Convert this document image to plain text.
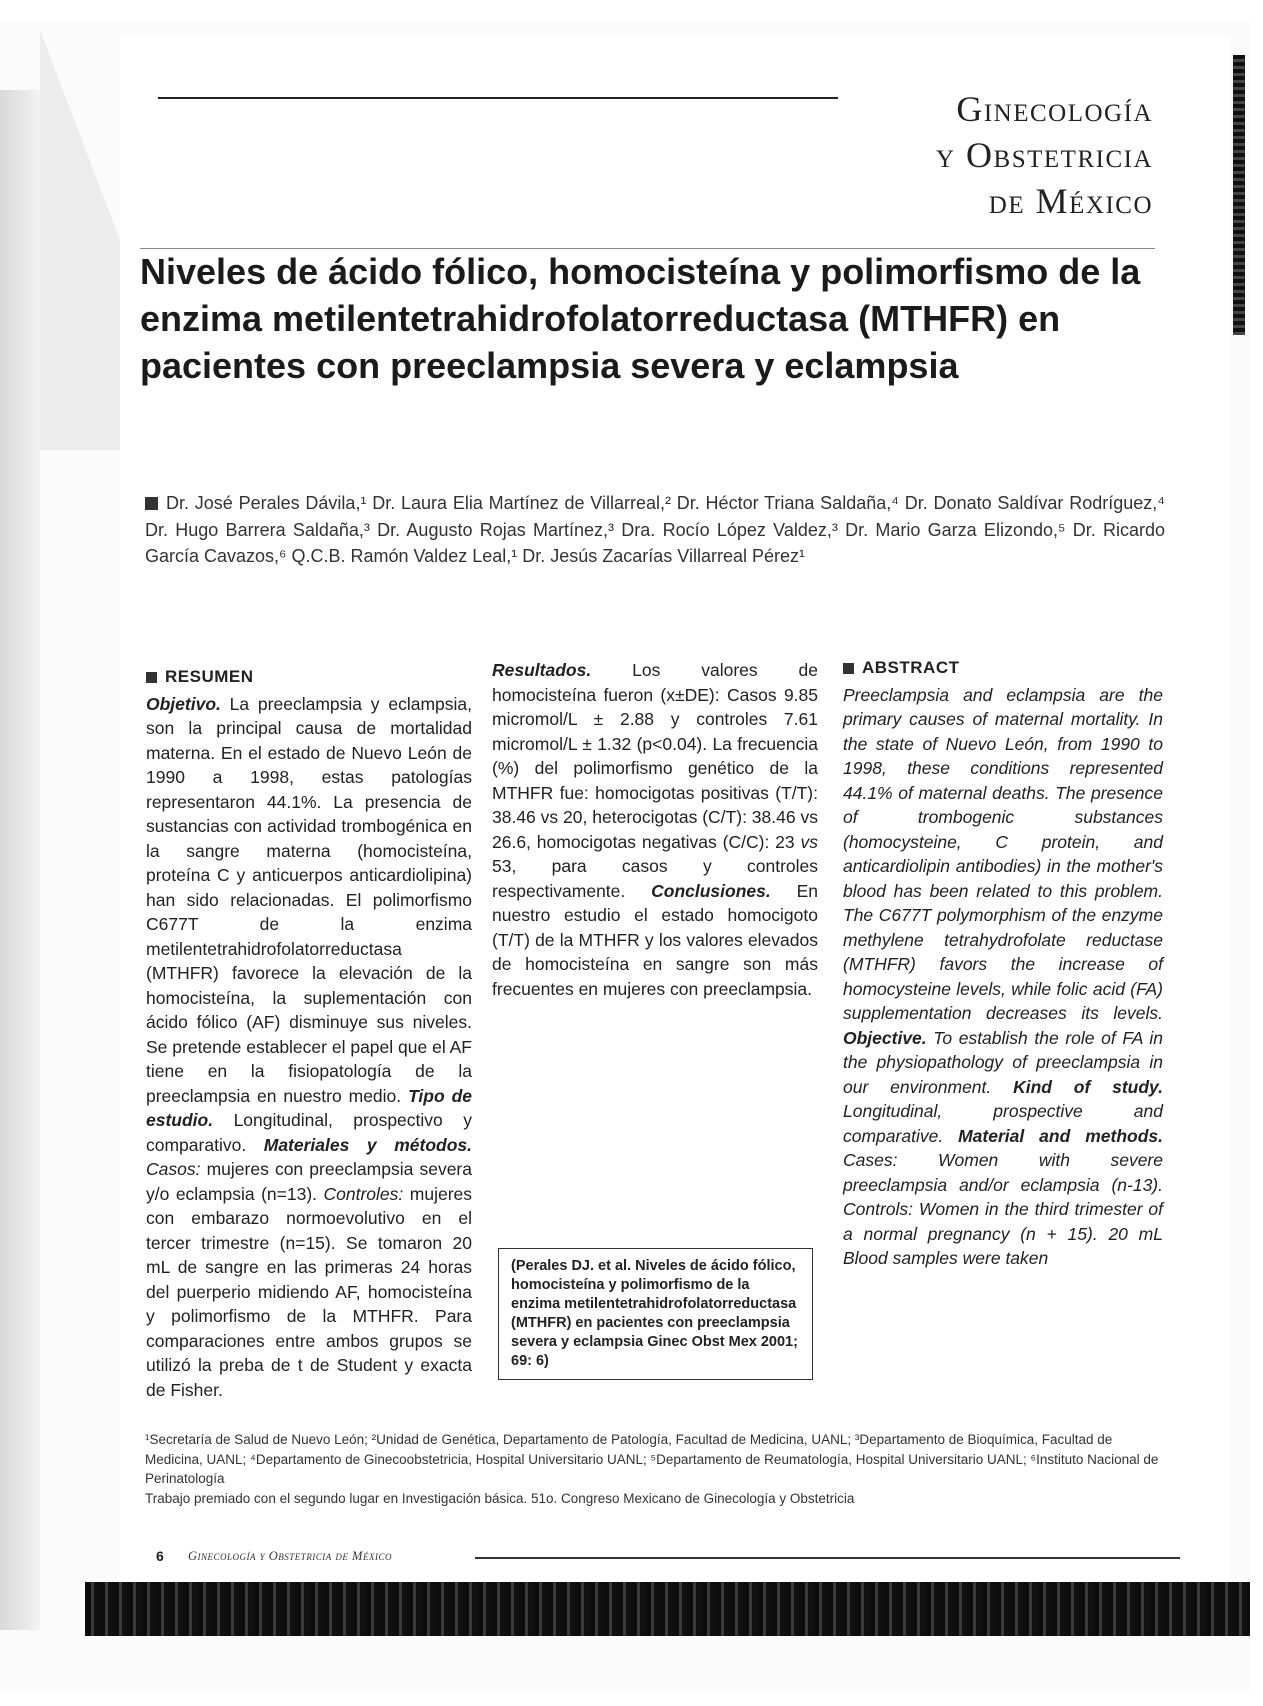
Ginecología
y Obstetricia
de México
Niveles de ácido fólico, homocisteína y polimorfismo de la enzima metilentetrahidrofolatorreductasa (MTHFR) en pacientes con preeclampsia severa y eclampsia
Dr. José Perales Dávila,¹ Dr. Laura Elia Martínez de Villarreal,² Dr. Héctor Triana Saldaña,⁴ Dr. Donato Saldívar Rodríguez,⁴ Dr. Hugo Barrera Saldaña,³ Dr. Augusto Rojas Martínez,³ Dra. Rocío López Valdez,³ Dr. Mario Garza Elizondo,⁵ Dr. Ricardo García Cavazos,⁶ Q.C.B. Ramón Valdez Leal,¹ Dr. Jesús Zacarías Villarreal Pérez¹
RESUMEN
Objetivo. La preeclampsia y eclampsia, son la principal causa de mortalidad materna. En el estado de Nuevo León de 1990 a 1998, estas patologías representaron 44.1%. La presencia de sustancias con actividad trombogénica en la sangre materna (homocisteína, proteína C y anticuerpos anticardiolipina) han sido relacionadas. El polimorfismo C677T de la enzima metilentetrahidrofolatorreductasa (MTHFR) favorece la elevación de la homocisteína, la suplementación con ácido fólico (AF) disminuye sus niveles. Se pretende establecer el papel que el AF tiene en la fisiopatología de la preeclampsia en nuestro medio. Tipo de estudio. Longitudinal, prospectivo y comparativo. Materiales y métodos. Casos: mujeres con preeclampsia severa y/o eclampsia (n=13). Controles: mujeres con embarazo normoevolutivo en el tercer trimestre (n=15). Se tomaron 20 mL de sangre en las primeras 24 horas del puerperio midiendo AF, homocisteína y polimorfismo de la MTHFR. Para comparaciones entre ambos grupos se utilizó la preba de t de Student y exacta de Fisher.
Resultados. Los valores de homocisteína fueron (x±DE): Casos 9.85 micromol/L ± 2.88 y controles 7.61 micromol/L ± 1.32 (p<0.04). La frecuencia (%) del polimorfismo genético de la MTHFR fue: homocigotas positivas (T/T): 38.46 vs 20, heterocigotas (C/T): 38.46 vs 26.6, homocigotas negativas (C/C): 23 vs 53, para casos y controles respectivamente. Conclusiones. En nuestro estudio el estado homocigoto (T/T) de la MTHFR y los valores elevados de homocisteína en sangre son más frecuentes en mujeres con preeclampsia.
(Perales DJ. et al. Niveles de ácido fólico, homocisteína y polimorfismo de la enzima metilentetrahidrofolatorreductasa (MTHFR) en pacientes con preeclampsia severa y eclampsia Ginec Obst Mex 2001; 69: 6)
ABSTRACT
Preeclampsia and eclampsia are the primary causes of maternal mortality. In the state of Nuevo León, from 1990 to 1998, these conditions represented 44.1% of maternal deaths. The presence of trombogenic substances (homocysteine, C protein, and anticardiolipin antibodies) in the mother's blood has been related to this problem. The C677T polymorphism of the enzyme methylene tetrahydrofolate reductase (MTHFR) favors the increase of homocysteine levels, while folic acid (FA) supplementation decreases its levels. Objective. To establish the role of FA in the physiopathology of preeclampsia in our environment. Kind of study. Longitudinal, prospective and comparative. Material and methods. Cases: Women with severe preeclampsia and/or eclampsia (n-13). Controls: Women in the third trimester of a normal pregnancy (n + 15). 20 mL Blood samples were taken
¹Secretaría de Salud de Nuevo León; ²Unidad de Genética, Departamento de Patología, Facultad de Medicina, UANL; ³Departamento de Bioquímica, Facultad de Medicina, UANL; ⁴Departamento de Ginecoobstetricia, Hospital Universitario UANL; ⁵Departamento de Reumatología, Hospital Universitario UANL; ⁶Instituto Nacional de Perinatología
Trabajo premiado con el segundo lugar en Investigación básica. 51o. Congreso Mexicano de Ginecología y Obstetricia
6 Ginecología y Obstetricia de México
